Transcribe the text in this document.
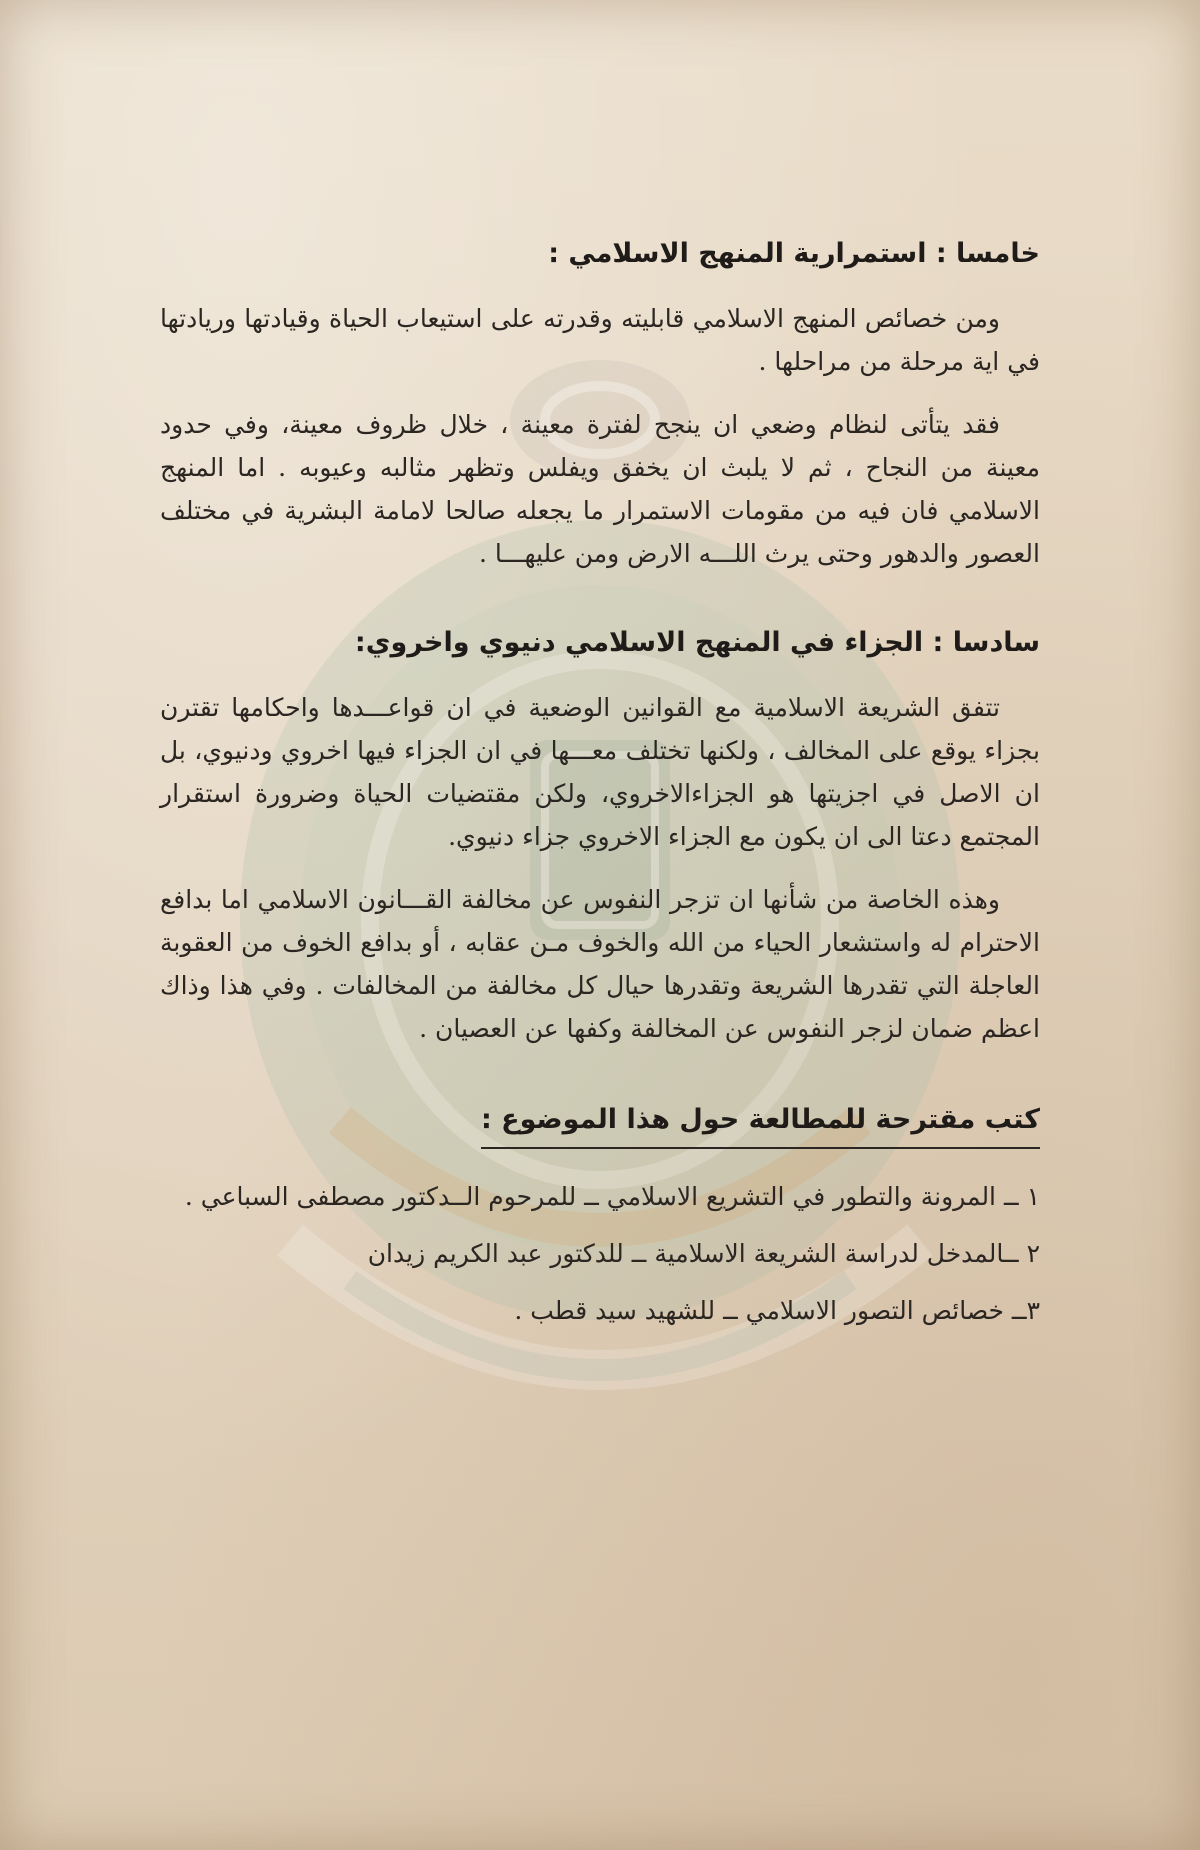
خامسا : استمرارية المنهج الاسلامي :

ومن خصائص المنهج الاسلامي قابليته وقدرته على استيعاب الحياة وقيادتها وريادتها في اية مرحلة من مراحلها .

فقد يتأتى لنظام وضعي ان ينجح لفترة معينة ، خلال ظروف معينة، وفي حدود معينة من النجاح ، ثم لا يلبث ان يخفق ويفلس وتظهر مثالبه وعيوبه . اما المنهج الاسلامي فان فيه من مقومات الاستمرار ما يجعله صالحا لامامة البشرية في مختلف العصور والدهور وحتى يرث اللـــه الارض ومن عليهـــا .

سادسا : الجزاء في المنهج الاسلامي دنيوي واخروي:

تتفق الشريعة الاسلامية مع القوانين الوضعية في ان قواعـــدها واحكامها تقترن بجزاء يوقع على المخالف ، ولكنها تختلف معـــها في ان الجزاء فيها اخروي ودنيوي، بل ان الاصل في اجزيتها هو الجزاءالاخروي، ولكن مقتضيات الحياة وضرورة استقرار المجتمع دعتا الى ان يكون مع الجزاء الاخروي جزاء دنيوي.

وهذه الخاصة من شأنها ان تزجر النفوس عن مخالفة القـــانون الاسلامي اما بدافع الاحترام له واستشعار الحياء من الله والخوف مـن عقابه ، أو بدافع الخوف من العقوبة العاجلة التي تقدرها الشريعة وتقدرها حيال كل مخالفة من المخالفات . وفي هذا وذاك اعظم ضمان لزجر النفوس عن المخالفة وكفها عن العصيان .

كتب مقترحة للمطالعة حول هذا الموضوع :
١ ــ المرونة والتطور في التشريع الاسلامي ــ للمرحوم الــدكتور مصطفى السباعي .
٢ ــالمدخل لدراسة الشريعة الاسلامية ــ للدكتور عبد الكريم زيدان
٣ــ خصائص التصور الاسلامي ــ للشهيد سيد قطب .
